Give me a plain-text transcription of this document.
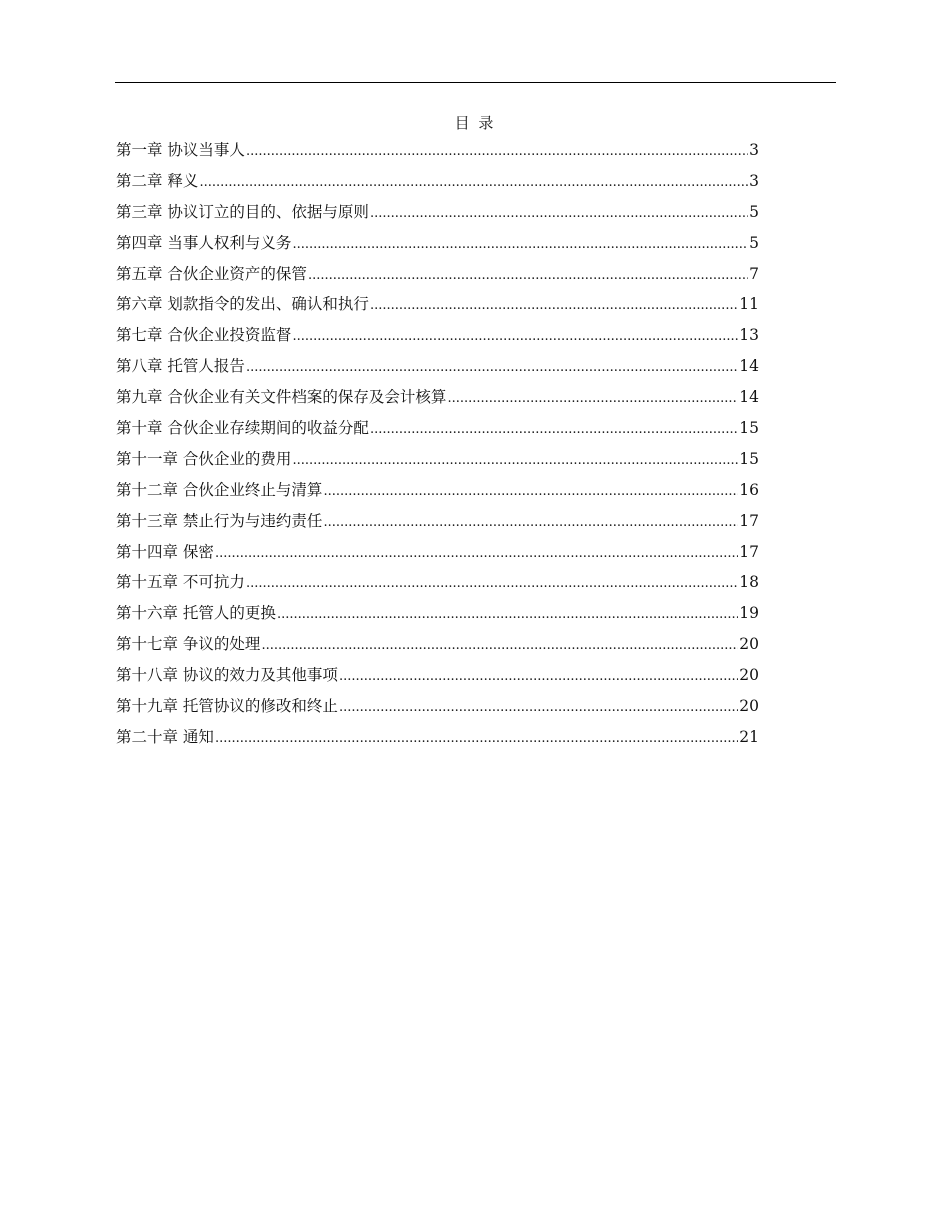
目 录
第一章 协议当事人 .....	3
第二章 释义 .....	3
第三章 协议订立的目的、依据与原则 .....	5
第四章 当事人权利与义务 .....	5
第五章 合伙企业资产的保管 .....	7
第六章 划款指令的发出、确认和执行 .....	11
第七章 合伙企业投资监督 .....	13
第八章 托管人报告 .....	14
第九章 合伙企业有关文件档案的保存及会计核算 .....	14
第十章 合伙企业存续期间的收益分配 .....	15
第十一章 合伙企业的费用 .....	15
第十二章 合伙企业终止与清算 .....	16
第十三章 禁止行为与违约责任 .....	17
第十四章 保密 .....	17
第十五章 不可抗力 .....	18
第十六章 托管人的更换 .....	19
第十七章 争议的处理 .....	20
第十八章 协议的效力及其他事项 .....	20
第十九章 托管协议的修改和终止 .....	20
第二十章 通知 .....	21
